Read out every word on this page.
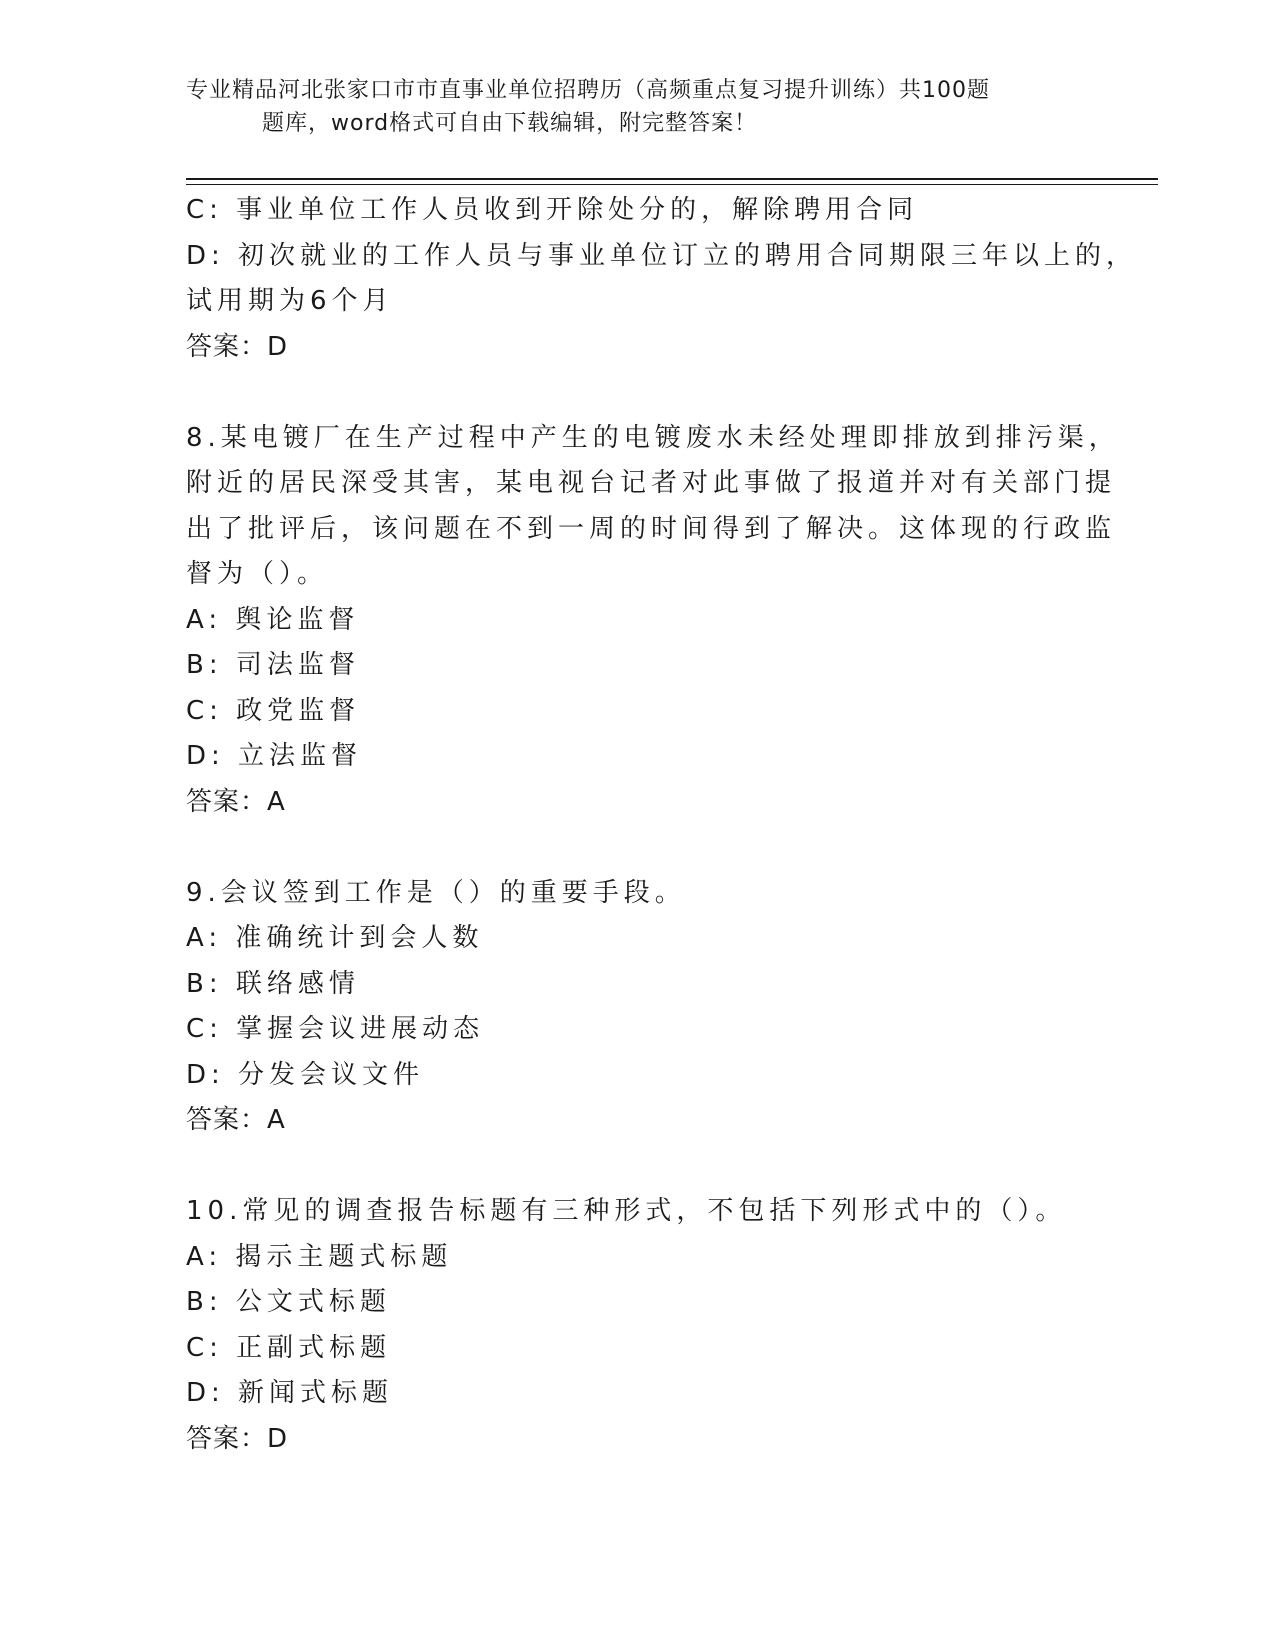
专业精品河北张家口市市直事业单位招聘历（高频重点复习提升训练）共100题
题库，word格式可自由下载编辑，附完整答案！
C: 事业单位工作人员收到开除处分的，解除聘用合同
D: 初次就业的工作人员与事业单位订立的聘用合同期限三年以上的，
试用期为6个月
答案：D
8.某电镀厂在生产过程中产生的电镀废水未经处理即排放到排污渠，
附近的居民深受其害，某电视台记者对此事做了报道并对有关部门提
出了批评后，该问题在不到一周的时间得到了解决。这体现的行政监
督为（）。
A: 舆论监督
B: 司法监督
C: 政党监督
D: 立法监督
答案：A
9.会议签到工作是（）的重要手段。
A: 准确统计到会人数
B: 联络感情
C: 掌握会议进展动态
D: 分发会议文件
答案：A
10.常见的调查报告标题有三种形式，不包括下列形式中的（）。
A: 揭示主题式标题
B: 公文式标题
C: 正副式标题
D: 新闻式标题
答案：D
